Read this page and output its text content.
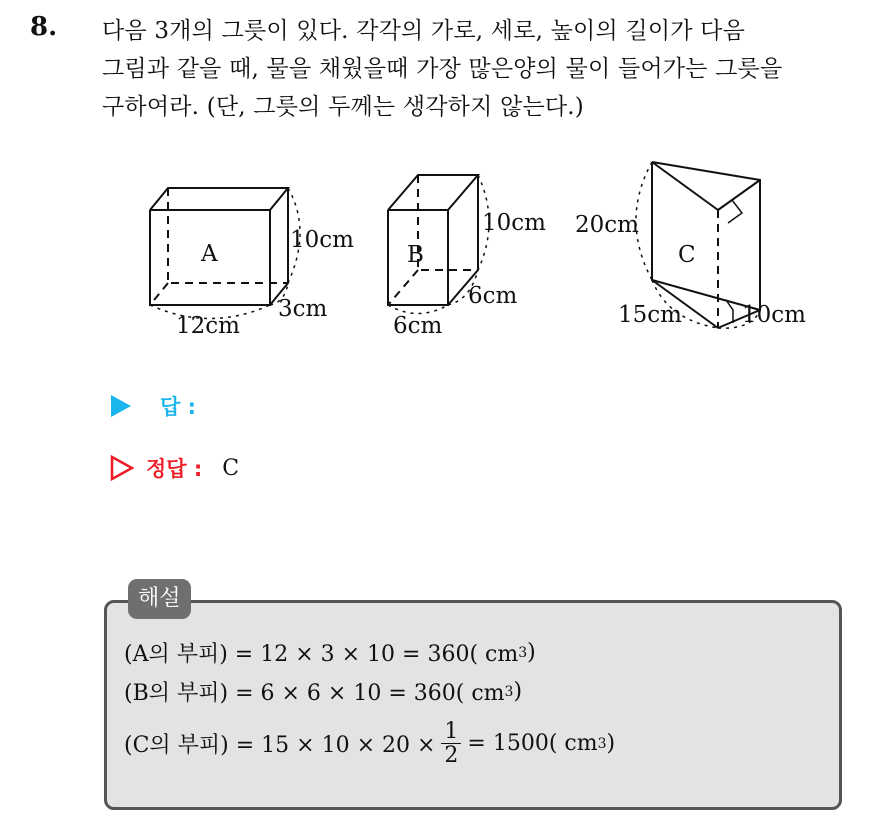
8. 다음 3개의 그릇이 있다. 각각의 가로, 세로, 높이의 길이가 다음
그림과 같을 때, 물을 채웠을때 가장 많은양의 물이 들어가는 그릇을
구하여라. (단, 그릇의 두께는 생각하지 않는다.)
A
10cm
3cm
12cm
B
10cm
6cm
6cm
C
20cm
15cm	10cm
답 :
정답 : C
해설
(A의 부피) = 12 × 3 × 10 = 360( cm 3 )
(B의 부피) = 6 × 6 × 10 = 360( cm 3 )
(C의 부피) = $15 \times 10 \times 20 \times \frac{1}{2} = 1500$( cm 3 )
